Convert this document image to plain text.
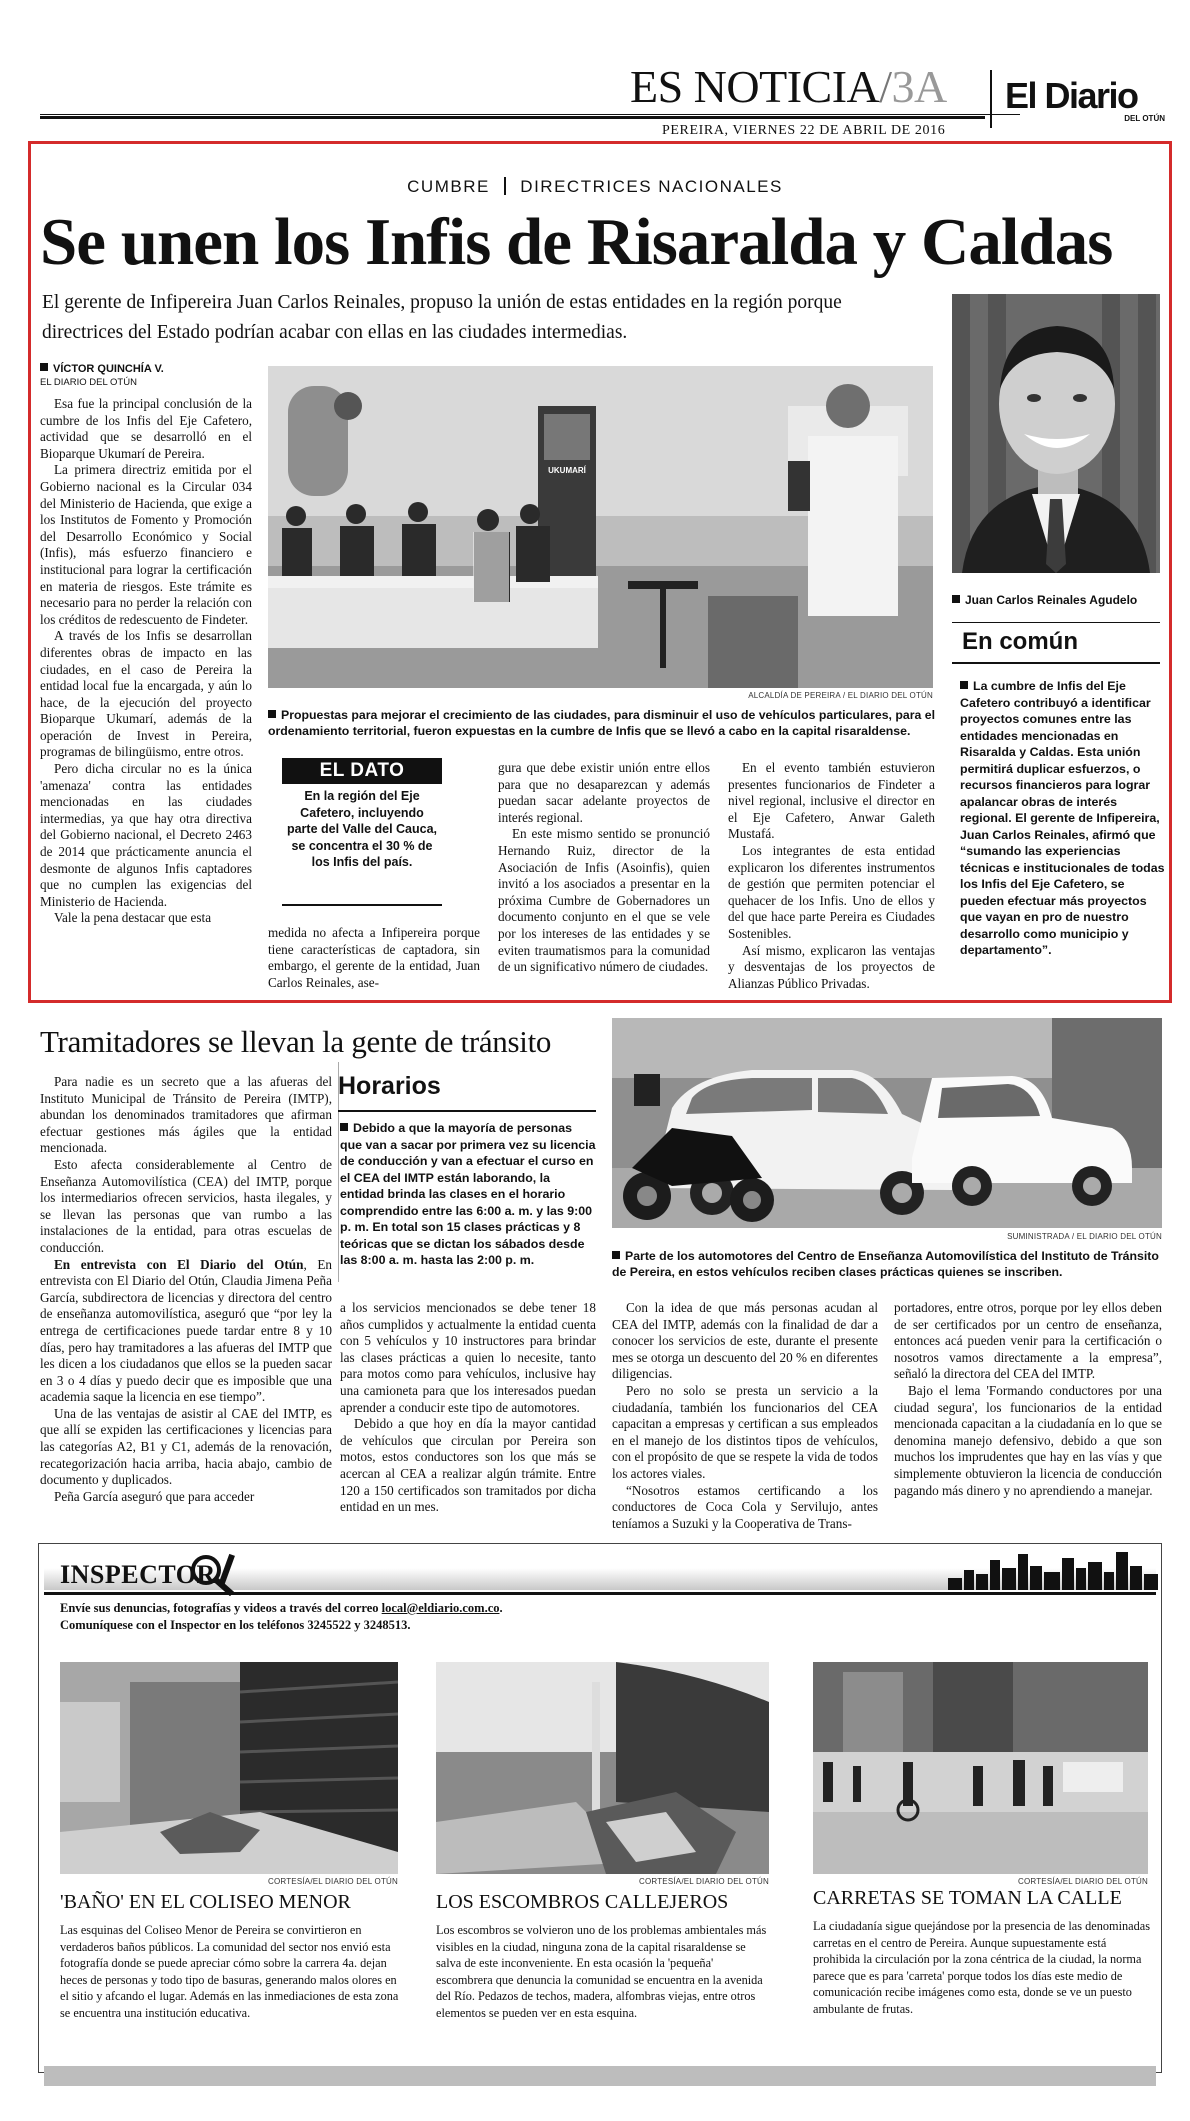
ES NOTICIA/3A
PEREIRA, VIERNES 22 DE ABRIL DE 2016
El Diario
DEL OTÚN
CUMBRE DIRECTRICES NACIONALES
Se unen los Infis de Risaralda y Caldas
El gerente de Infipereira Juan Carlos Reinales, propuso la unión de estas entidades en la región porque
directrices del Estado podrían acabar con ellas en las ciudades intermedias.
VÍCTOR QUINCHÍA V.
EL DIARIO DEL OTÚN

Esa fue la principal conclusión de la cumbre de los Infis del Eje Cafetero, actividad que se desarrolló en el Bioparque Ukumarí de Pereira.

La primera directriz emitida por el Gobierno nacional es la Circular 034 del Ministerio de Hacienda, que exige a los Institutos de Fomento y Promoción del Desarrollo Económico y Social (Infis), más esfuerzo financiero e institucional para lograr la certificación en materia de riesgos. Este trámite es necesario para no perder la relación con los créditos de redescuento de Findeter.

A través de los Infis se desarrollan diferentes obras de impacto en las ciudades, en el caso de Pereira la entidad local fue la encargada, y aún lo hace, de la ejecución del proyecto Bioparque Ukumarí, además de la operación de Invest in Pereira, programas de bilingüismo, entre otros.

Pero dicha circular no es la única 'amenaza' contra las entidades mencionadas en las ciudades intermedias, ya que hay otra directiva del Gobierno nacional, el Decreto 2463 de 2014 que prácticamente anuncia el desmonte de algunos Infis captadores que no cumplen las exigencias del Ministerio de Hacienda.

Vale la pena destacar que esta

UKUMARÍ
ALCALDÍA DE PEREIRA / EL DIARIO DEL OTÚN
Propuestas para mejorar el crecimiento de las ciudades, para disminuir el uso de vehículos particulares, para el ordenamiento territorial, fueron expuestas en la cumbre de Infis que se llevó a cabo en la capital risaraldense.
EL DATO
En la región del Eje Cafetero, incluyendo parte del Valle del Cauca, se concentra el 30 % de los Infis del país.

medida no afecta a Infipereira porque tiene características de captadora, sin embargo, el gerente de la entidad, Juan Carlos Reinales, ase-

gura que debe existir unión entre ellos para que no desaparezcan y además puedan sacar adelante proyectos de interés regional.

En este mismo sentido se pronunció Hernando Ruiz, director de la Asociación de Infis (Asoinfis), quien invitó a los asociados a presentar en la próxima Cumbre de Gobernadores un documento conjunto en el que se vele por los intereses de las entidades y se eviten traumatismos para la comunidad de un significativo número de ciudades.

En el evento también estuvieron presentes funcionarios de Findeter a nivel regional, inclusive el director en el Eje Cafetero, Anwar Galeth Mustafá.

Los integrantes de esta entidad explicaron los diferentes instrumentos de gestión que permiten potenciar el quehacer de los Infis. Uno de ellos y del que hace parte Pereira es Ciudades Sostenibles.

Así mismo, explicaron las ventajas y desventajas de los proyectos de Alianzas Público Privadas.

Juan Carlos Reinales Agudelo
En común
La cumbre de Infis del Eje Cafetero contribuyó a identificar proyectos comunes entre las entidades mencionadas en Risaralda y Caldas. Esta unión permitirá duplicar esfuerzos, o recursos financieros para lograr apalancar obras de interés regional. El gerente de Infipereira, Juan Carlos Reinales, afirmó que “sumando las experiencias técnicas e institucionales de todas los Infis del Eje Cafetero, se pueden efectuar más proyectos que vayan en pro de nuestro desarrollo como municipio y departamento”.
Tramitadores se llevan la gente de tránsito

Para nadie es un secreto que a las afueras del Instituto Municipal de Tránsito de Pereira (IMTP), abundan los denominados tramitadores que afirman efectuar gestiones más ágiles que la entidad mencionada.

Esto afecta considerablemente al Centro de Enseñanza Automovilística (CEA) del IMTP, porque los intermediarios ofrecen servicios, hasta ilegales, y se llevan las personas que van rumbo a las instalaciones de la entidad, para otras escuelas de conducción.

En entrevista con El Diario del Otún, En entrevista con El Diario del Otún, Claudia Jimena Peña García, subdirectora de licencias y directora del centro de enseñanza automovilística, aseguró que “por ley la entrega de certificaciones puede tardar entre 8 y 10 días, pero hay tramitadores a las afueras del IMTP que les dicen a los ciudadanos que ellos se la pueden sacar en 3 o 4 días y puedo decir que es imposible que una academia saque la licencia en ese tiempo”.

Una de las ventajas de asistir al CAE del IMTP, es que allí se expiden las certificaciones y licencias para las categorías A2, B1 y C1, además de la renovación, recategorización hacia arriba, hacia abajo, cambio de documento y duplicados.

Peña García aseguró que para acceder

Horarios
Debido a que la mayoría de personas que van a sacar por primera vez su licencia de conducción y van a efectuar el curso en el CEA del IMTP están laborando, la entidad brinda las clases en el horario comprendido entre las 6:00 a. m. y las 9:00 p. m. En total son 15 clases prácticas y 8 teóricas que se dictan los sábados desde las 8:00 a. m. hasta las 2:00 p. m.
SUMINISTRADA / EL DIARIO DEL OTÚN
Parte de los automotores del Centro de Enseñanza Automovilística del Instituto de Tránsito de Pereira, en estos vehículos reciben clases prácticas quienes se inscriben.

a los servicios mencionados se debe tener 18 años cumplidos y actualmente la entidad cuenta con 5 vehículos y 10 instructores para brindar las clases prácticas a quien lo necesite, tanto para motos como para vehículos, inclusive hay una camioneta para que los interesados puedan aprender a conducir este tipo de automotores.

Debido a que hoy en día la mayor cantidad de vehículos que circulan por Pereira son motos, estos conductores son los que más se acercan al CEA a realizar algún trámite. Entre 120 a 150 certificados son tramitados por dicha entidad en un mes.

Con la idea de que más personas acudan al CEA del IMTP, además con la finalidad de dar a conocer los servicios de este, durante el presente mes se otorga un descuento del 20 % en diferentes diligencias.

Pero no solo se presta un servicio a la ciudadanía, también los funcionarios del CEA capacitan a empresas y certifican a sus empleados en el manejo de los distintos tipos de vehículos, con el propósito de que se respete la vida de todos los actores viales.

“Nosotros estamos certificando a los conductores de Coca Cola y Servilujo, antes teníamos a Suzuki y la Cooperativa de Trans-

portadores, entre otros, porque por ley ellos deben de ser certificados por un centro de enseñanza, entonces acá pueden venir para la certificación o nosotros vamos directamente a la empresa”, señaló la directora del CEA del IMTP.

Bajo el lema 'Formando conductores por una ciudad segura', los funcionarios de la entidad mencionada capacitan a la ciudadanía en lo que se denomina manejo defensivo, debido a que son muchos los imprudentes que hay en las vías y que simplemente obtuvieron la licencia de conducción pagando más dinero y no aprendiendo a manejar.

INSPECTOR
Envíe sus denuncias, fotografías y videos a través del correo local@eldiario.com.co.
Comuníquese con el Inspector en los teléfonos 3245522 y 3248513.
CORTESÍA/EL DIARIO DEL OTÚN
'BAÑO' EN EL COLISEO MENOR
Las esquinas del Coliseo Menor de Pereira se convirtieron en verdaderos baños públicos. La comunidad del sector nos envió esta fotografía donde se puede apreciar cómo sobre la carrera 4a. dejan heces de personas y todo tipo de basuras, generando malos olores en el sitio y afcando el lugar. Además en las inmediaciones de esta zona se encuentra una institución educativa.
CORTESÍA/EL DIARIO DEL OTÚN
LOS ESCOMBROS CALLEJEROS
Los escombros se volvieron uno de los problemas ambientales más visibles en la ciudad, ninguna zona de la capital risaraldense se salva de este inconveniente. En esta ocasión la 'pequeña' escombrera que denuncia la comunidad se encuentra en la avenida del Río. Pedazos de techos, madera, alfombras viejas, entre otros elementos se pueden ver en esta esquina.
CORTESÍA/EL DIARIO DEL OTÚN
CARRETAS SE TOMAN LA CALLE
La ciudadanía sigue quejándose por la presencia de las denominadas carretas en el centro de Pereira. Aunque supuestamente está prohibida la circulación por la zona céntrica de la ciudad, la norma parece que es para 'carreta' porque todos los días este medio de comunicación recibe imágenes como esta, donde se ve un puesto ambulante de frutas.
